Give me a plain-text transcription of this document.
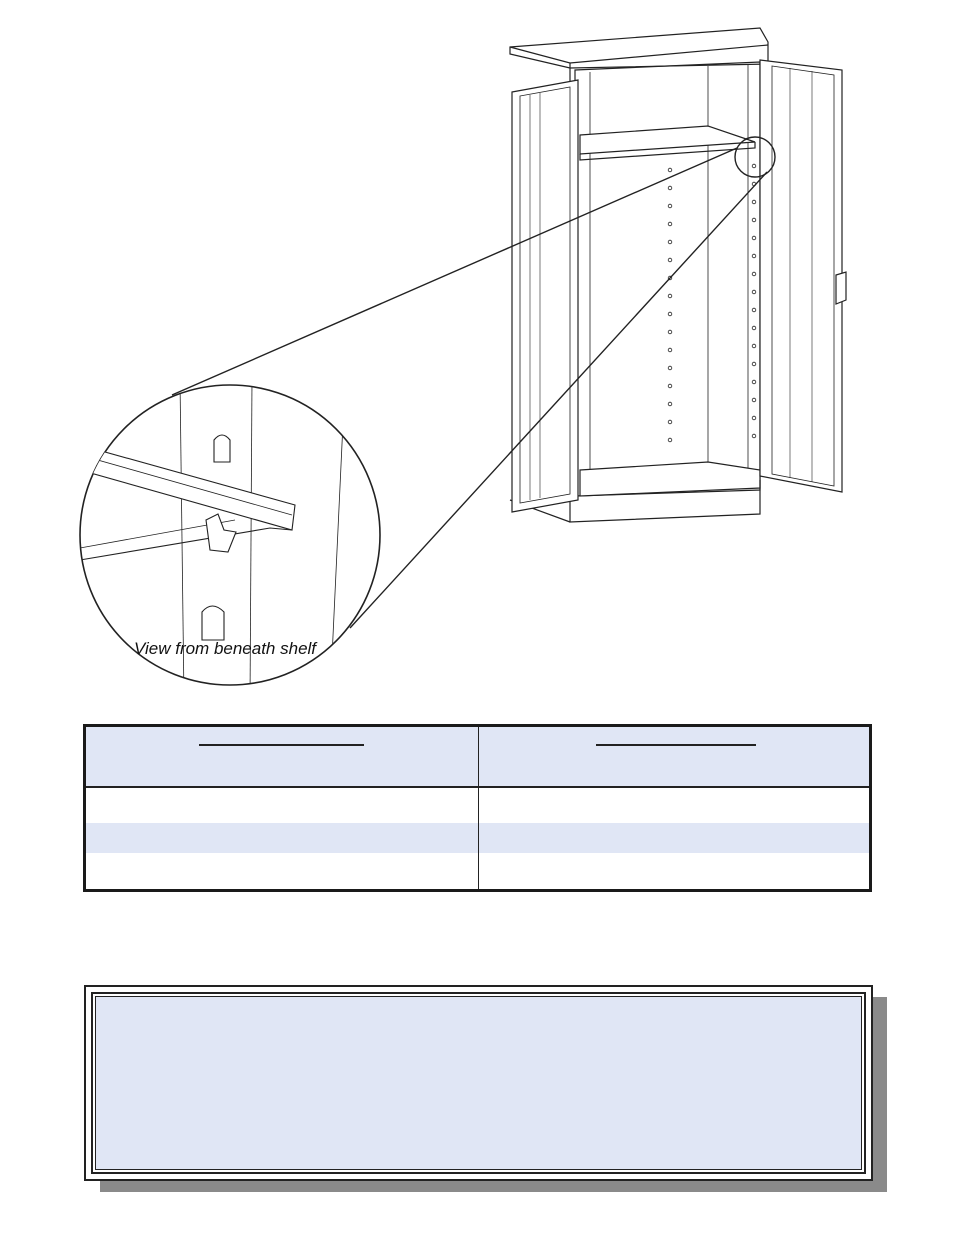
View from beneath shelf
